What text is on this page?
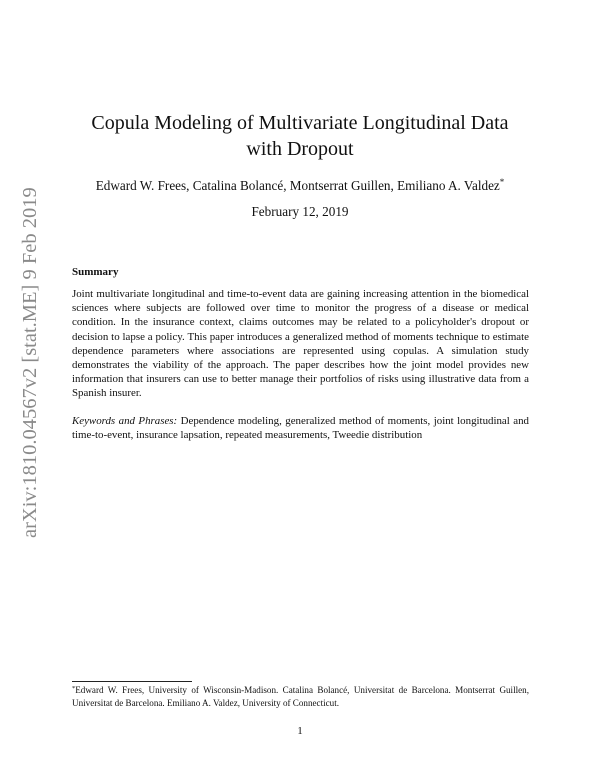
arXiv:1810.04567v2 [stat.ME] 9 Feb 2019
Copula Modeling of Multivariate Longitudinal Data
with Dropout
Edward W. Frees, Catalina Bolancé, Montserrat Guillen, Emiliano A. Valdez*
February 12, 2019
Summary

Joint multivariate longitudinal and time-to-event data are gaining increasing attention in the biomedical sciences where subjects are followed over time to monitor the progress of a disease or medical condition. In the insurance context, claims outcomes may be related to a policyholder's dropout or decision to lapse a policy. This paper introduces a generalized method of moments technique to estimate dependence parameters where associations are represented using copulas. A simulation study demonstrates the viability of the approach. The paper describes how the joint model provides new information that insurers can use to better manage their portfolios of risks using illustrative data from a Spanish insurer.

Keywords and Phrases: Dependence modeling, generalized method of moments, joint longitudinal and time-to-event, insurance lapsation, repeated measurements, Tweedie distribution

*Edward W. Frees, University of Wisconsin-Madison. Catalina Bolancé, Universitat de Barcelona. Montserrat Guillen, Universitat de Barcelona. Emiliano A. Valdez, University of Connecticut.

1
